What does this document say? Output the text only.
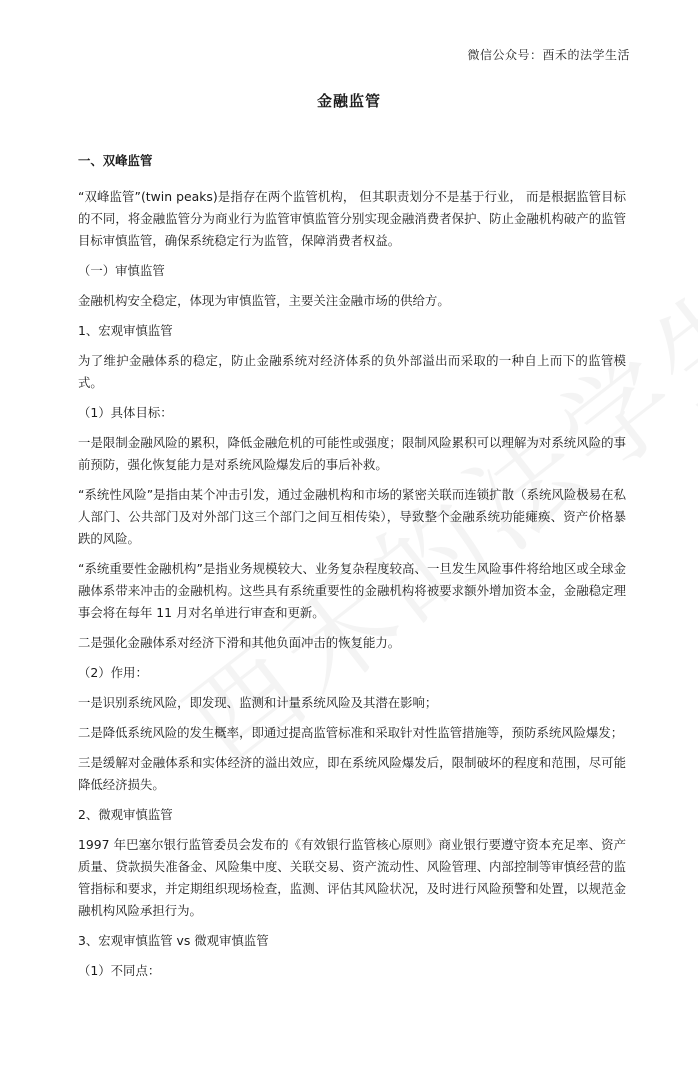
微信公众号：酉禾的法学生活
金融监管

一、双峰监管

“双峰监管”(twin peaks)是指存在两个监管机构， 但其职责划分不是基于行业， 而是根据监管目标的不同，将金融监管分为商业行为监管审慎监管分别实现金融消费者保护、防止金融机构破产的监管目标审慎监管，确保系统稳定行为监管，保障消费者权益。

（一）审慎监管

金融机构安全稳定，体现为审慎监管，主要关注金融市场的供给方。

1、宏观审慎监管

为了维护金融体系的稳定，防止金融系统对经济体系的负外部溢出而采取的一种自上而下的监管模式。

（1）具体目标：

一是限制金融风险的累积，降低金融危机的可能性或强度；限制风险累积可以理解为对系统风险的事前预防，强化恢复能力是对系统风险爆发后的事后补救。

“系统性风险”是指由某个冲击引发，通过金融机构和市场的紧密关联而连锁扩散（系统风险极易在私人部门、公共部门及对外部门这三个部门之间互相传染），导致整个金融系统功能瘫痪、资产价格暴跌的风险。

“系统重要性金融机构”是指业务规模较大、业务复杂程度较高、一旦发生风险事件将给地区或全球金融体系带来冲击的金融机构。这些具有系统重要性的金融机构将被要求额外增加资本金，金融稳定理事会将在每年 11 月对名单进行审查和更新。

二是强化金融体系对经济下滑和其他负面冲击的恢复能力。

（2）作用：

一是识别系统风险，即发现、监测和计量系统风险及其潜在影响；

二是降低系统风险的发生概率，即通过提高监管标准和采取针对性监管措施等，预防系统风险爆发；

三是缓解对金融体系和实体经济的溢出效应，即在系统风险爆发后，限制破坏的程度和范围，尽可能降低经济损失。

2、微观审慎监管

1997 年巴塞尔银行监管委员会发布的《有效银行监管核心原则》商业银行要遵守资本充足率、资产质量、贷款损失准备金、风险集中度、关联交易、资产流动性、风险管理、内部控制等审慎经营的监管指标和要求，并定期组织现场检查，监测、评估其风险状况，及时进行风险预警和处置，以规范金融机构风险承担行为。

3、宏观审慎监管 vs 微观审慎监管

（1）不同点：
